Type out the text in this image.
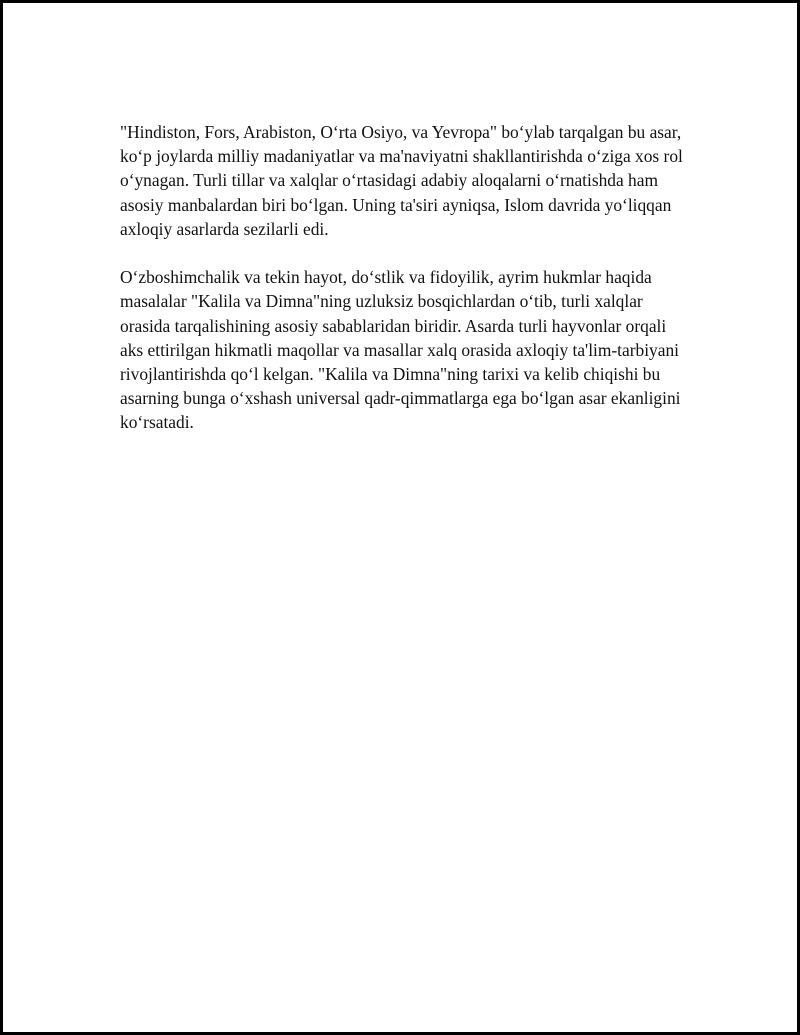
"Hindiston, Fors, Arabiston, O‘rta Osiyo, va Yevropa" bo‘ylab tarqalgan bu asar, ko‘p joylarda milliy madaniyatlar va ma'naviyatni shakllantirishda o‘ziga xos rol o‘ynagan. Turli tillar va xalqlar o‘rtasidagi adabiy aloqalarni o‘rnatishda ham asosiy manbalardan biri bo‘lgan. Uning ta'siri ayniqsa, Islom davrida yo‘liqqan axloqiy asarlarda sezilarli edi.

O‘zboshimchalik va tekin hayot, do‘stlik va fidoyilik, ayrim hukmlar haqida masalalar "Kalila va Dimna"ning uzluksiz bosqichlardan o‘tib, turli xalqlar orasida tarqalishining asosiy sabablaridan biridir. Asarda turli hayvonlar orqali aks ettirilgan hikmatli maqollar va masallar xalq orasida axloqiy ta'lim-tarbiyani rivojlantirishda qo‘l kelgan. "Kalila va Dimna"ning tarixi va kelib chiqishi bu asarning bunga o‘xshash universal qadr-qimmatlarga ega bo‘lgan asar ekanligini ko‘rsatadi.
